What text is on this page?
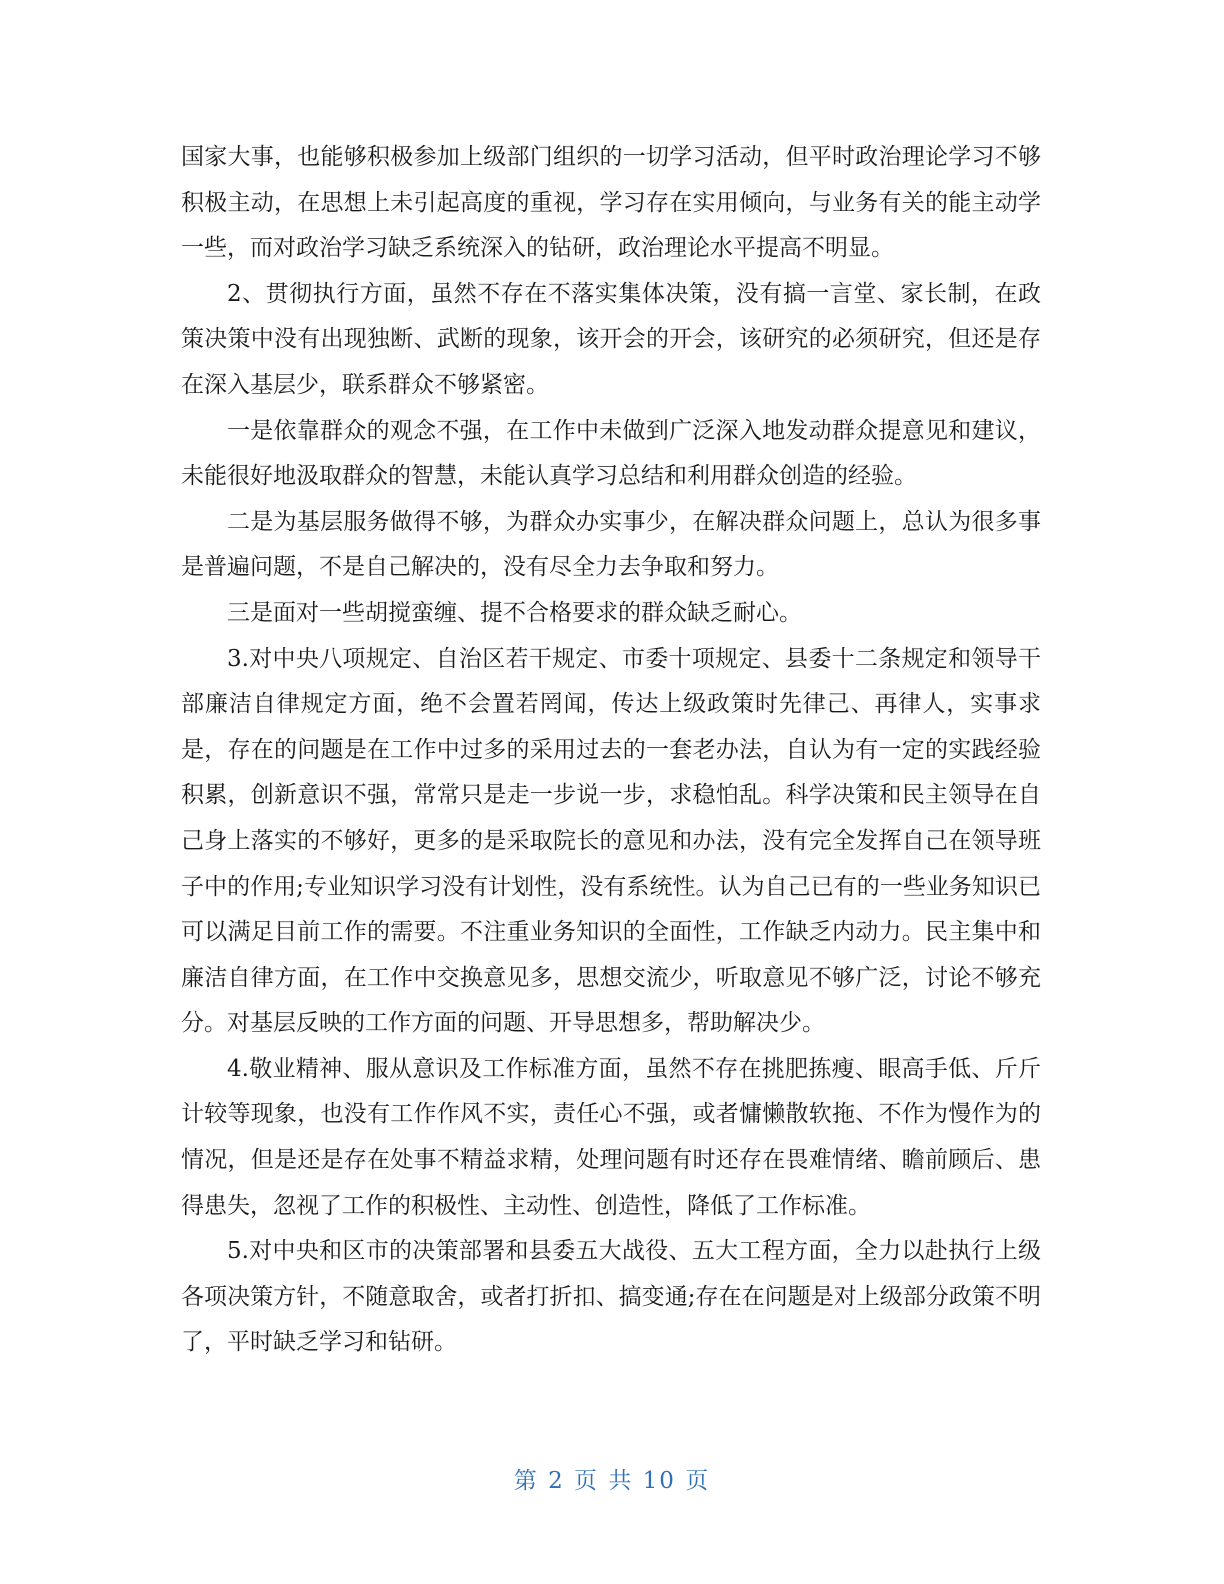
国家大事，也能够积极参加上级部门组织的一切学习活动，但平时政治理论学习不够积极主动，在思想上未引起高度的重视，学习存在实用倾向，与业务有关的能主动学一些，而对政治学习缺乏系统深入的钻研，政治理论水平提高不明显。

2、贯彻执行方面，虽然不存在不落实集体决策，没有搞一言堂、家长制，在政策决策中没有出现独断、武断的现象，该开会的开会，该研究的必须研究，但还是存在深入基层少，联系群众不够紧密。

一是依靠群众的观念不强，在工作中未做到广泛深入地发动群众提意见和建议，未能很好地汲取群众的智慧，未能认真学习总结和利用群众创造的经验。

二是为基层服务做得不够，为群众办实事少，在解决群众问题上，总认为很多事是普遍问题，不是自己解决的，没有尽全力去争取和努力。

三是面对一些胡搅蛮缠、提不合格要求的群众缺乏耐心。

3.对中央八项规定、自治区若干规定、市委十项规定、县委十二条规定和领导干部廉洁自律规定方面，绝不会置若罔闻，传达上级政策时先律己、再律人，实事求是，存在的问题是在工作中过多的采用过去的一套老办法，自认为有一定的实践经验积累，创新意识不强，常常只是走一步说一步，求稳怕乱。科学决策和民主领导在自己身上落实的不够好，更多的是采取院长的意见和办法，没有完全发挥自己在领导班子中的作用;专业知识学习没有计划性，没有系统性。认为自己已有的一些业务知识已可以满足目前工作的需要。不注重业务知识的全面性，工作缺乏内动力。民主集中和廉洁自律方面，在工作中交换意见多，思想交流少，听取意见不够广泛，讨论不够充分。对基层反映的工作方面的问题、开导思想多，帮助解决少。

4.敬业精神、服从意识及工作标准方面，虽然不存在挑肥拣瘦、眼高手低、斤斤计较等现象，也没有工作作风不实，责任心不强，或者慵懒散软拖、不作为慢作为的情况，但是还是存在处事不精益求精，处理问题有时还存在畏难情绪、瞻前顾后、患得患失，忽视了工作的积极性、主动性、创造性，降低了工作标准。

5.对中央和区市的决策部署和县委五大战役、五大工程方面，全力以赴执行上级各项决策方针，不随意取舍，或者打折扣、搞变通;存在在问题是对上级部分政策不明了，平时缺乏学习和钻研。

第 2 页 共 10 页
